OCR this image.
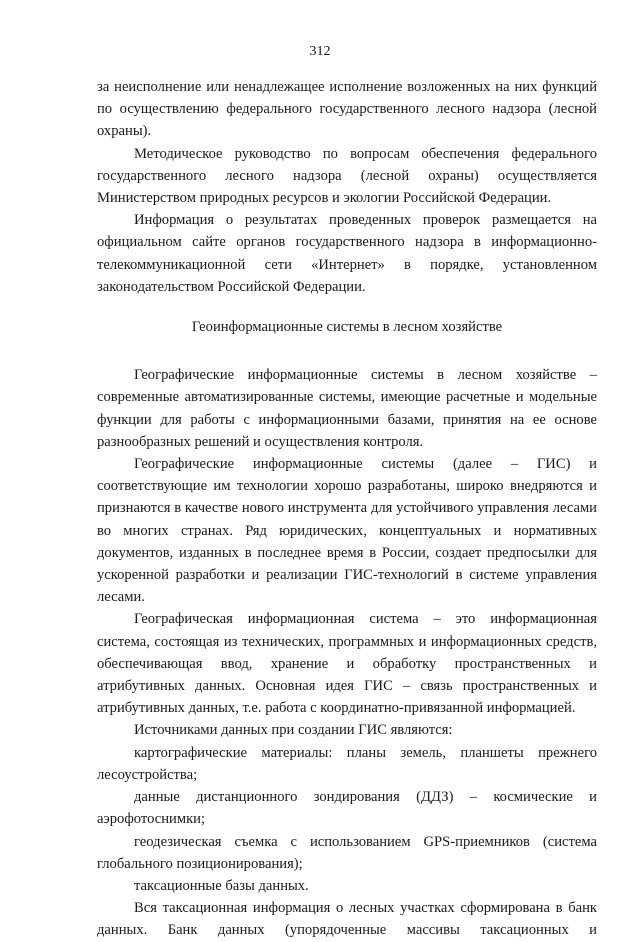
312

за неисполнение или ненадлежащее исполнение возложенных на них функций по осуществлению федерального государственного лесного надзора (лесной охраны).

Методическое руководство по вопросам обеспечения федерального государственного лесного надзора (лесной охраны) осуществляется Министерством природных ресурсов и экологии Российской Федерации.

Информация о результатах проведенных проверок размещается на официальном сайте органов государственного надзора в информационно-телекоммуникационной сети «Интернет» в порядке, установленном законодательством Российской Федерации.

Геоинформационные системы в лесном хозяйстве

Географические информационные системы в лесном хозяйстве – современные автоматизированные системы, имеющие расчетные и модельные функции для работы с информационными базами, принятия на ее основе разнообразных решений и осуществления контроля.

Географические информационные системы (далее – ГИС) и соответствующие им технологии хорошо разработаны, широко внедряются и признаются в качестве нового инструмента для устойчивого управления лесами во многих странах. Ряд юридических, концептуальных и нормативных документов, изданных в последнее время в России, создает предпосылки для ускоренной разработки и реализации ГИС-технологий в системе управления лесами.

Географическая информационная система – это информационная система, состоящая из технических, программных и информационных средств, обеспечивающая ввод, хранение и обработку пространственных и атрибутивных данных. Основная идея ГИС – связь пространственных и атрибутивных данных, т.е. работа с координатно-привязанной информацией.

Источниками данных при создании ГИС являются:

картографические материалы: планы земель, планшеты прежнего лесоустройства;

данные дистанционного зондирования (ДДЗ) – космические и аэрофотоснимки;

геодезическая съемка с использованием GPS-приемников (система глобального позиционирования);

таксационные базы данных.

Вся таксационная информация о лесных участках сформирована в банк данных. Банк данных (упорядоченные массивы таксационных и
